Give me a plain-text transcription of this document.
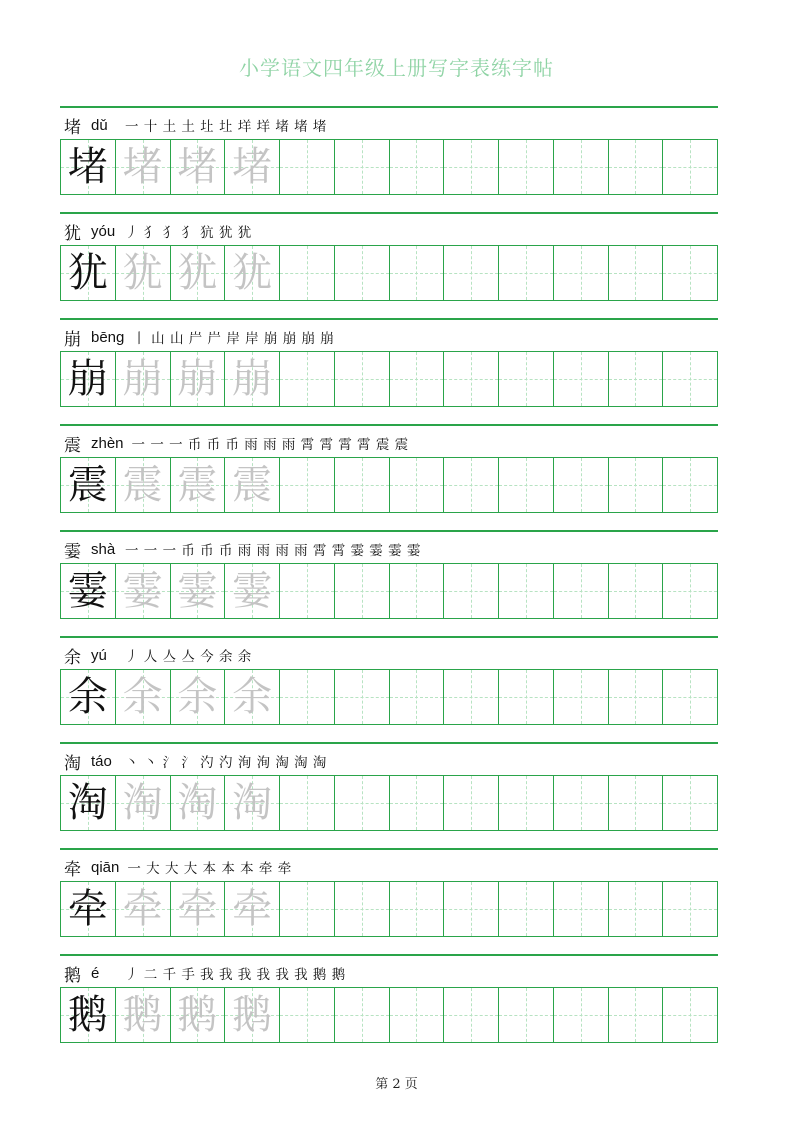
小学语文四年级上册写字表练字帖
堵 dǔ	一 十 土 土 圵 圵 垟 垟 堵 堵 堵
堵 堵 堵 堵
犹 yóu 丿 犭 犭 犭 犺 犹 犹
犹 犹 犹 犹
崩 bēng 丨 山 山 屵 屵 岸 岸 崩 崩 崩 崩
崩 崩 崩 崩
震 zhèn 一 一 一 币 币 币 雨 雨 雨 霄 霄 霄 霄 震 震
震 震 震 震
霎 shà 一 一 一 币 币 币 雨 雨 雨 雨 霄 霄 霎 霎 霎 霎
霎 霎 霎 霎
余 yú	丿 人 亼 亼 今 余 余
余 余 余 余
淘 táo 丶 丶 氵 氵 汋 汋 洵 洵 淘 淘 淘
淘 淘 淘 淘
牵 qiān 一 大 大 大 本 本 本 牵 牵
牵 牵 牵 牵
鹅 é	丿 二 千 手 我 我 我 我 我 我 鹅 鹅
鹅 鹅 鹅 鹅
第 2 页
